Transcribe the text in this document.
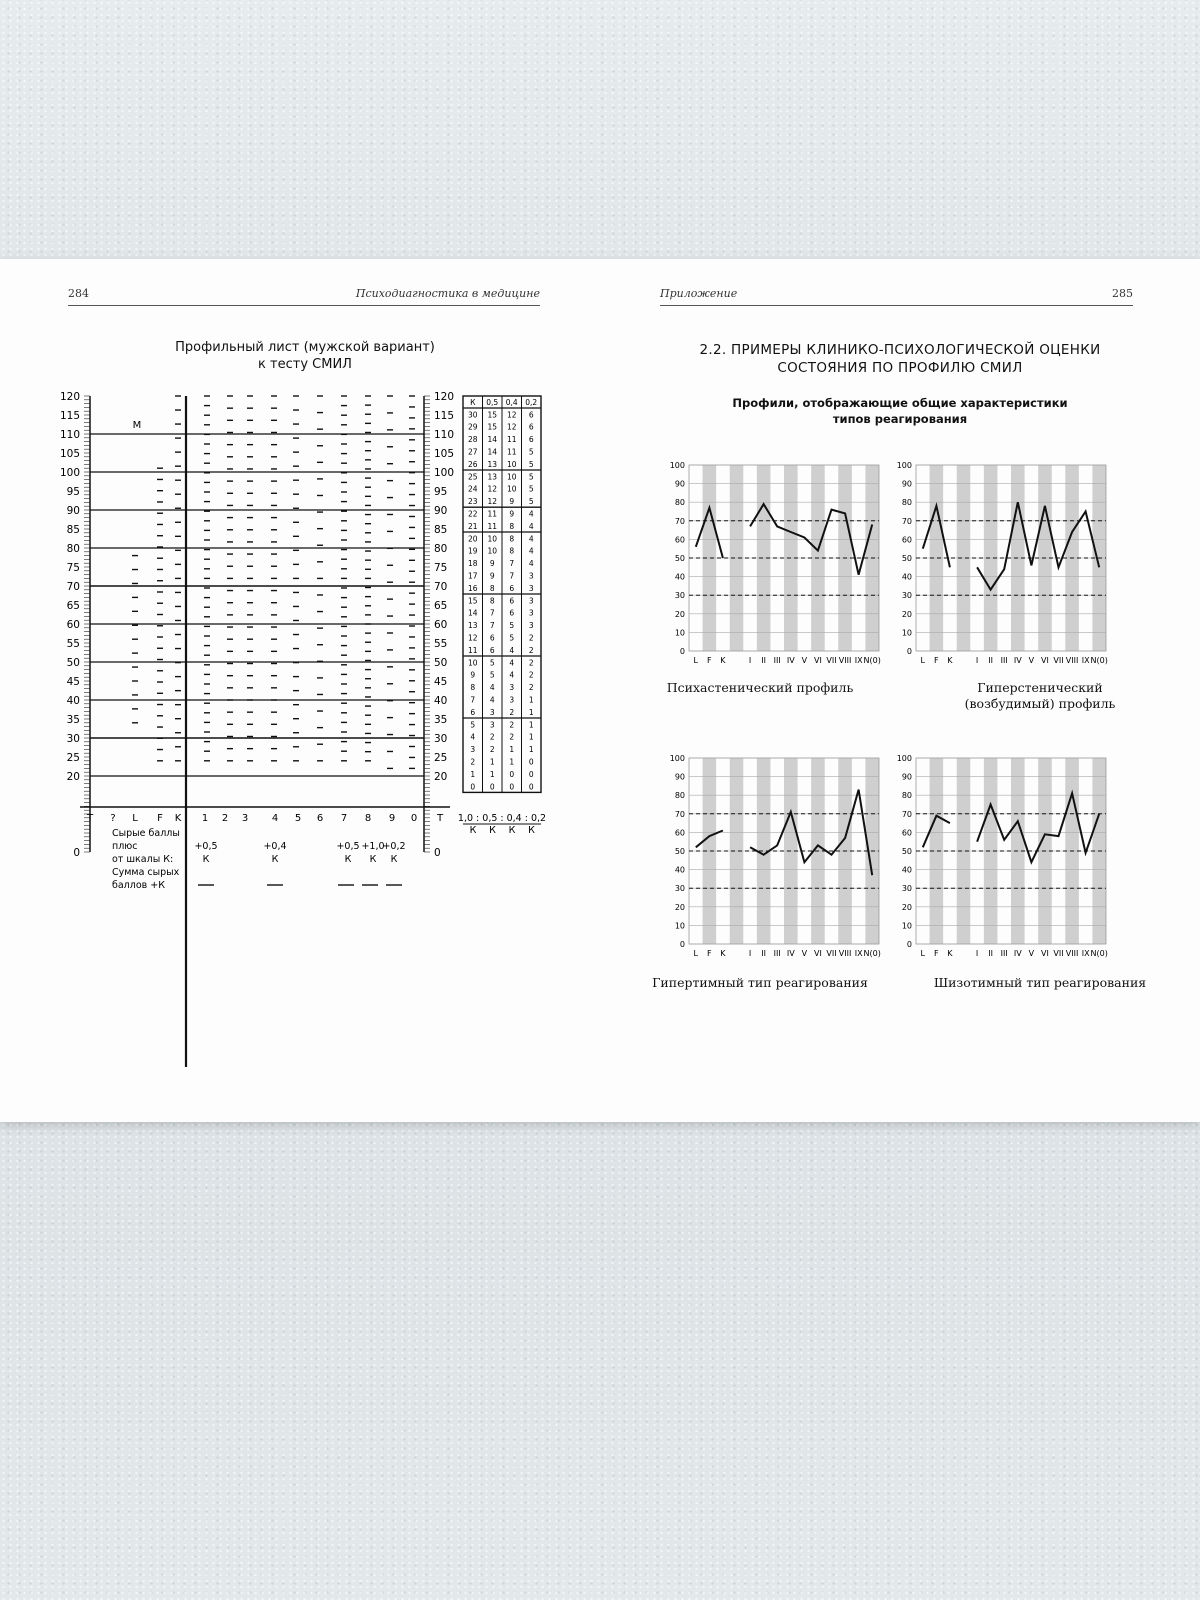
284	Психодиагностика в медицине
Профильный лист (мужской вариант)
к тесту СМИЛ
120	120
115	115
110	110
105	105
100	100
95	95
90	90
85	85
80	80
75	75
70	70
65	65
60	60
55	55
50	50
45	45
40	40
35	35
30	30
25	25
20	20
0	0
М
Т ? L F K 1 2 3 4 5 6 7 8 9 0 Т
Сырые баллы
плюс
от шкалы К:
Сумма сырых
баллов +К
+0,5	+0,4	+0,5 +1,0
+0,2
К	К	К К К
К 0,5 0,4 0,2
30 15 12 6
29 15 12 6
28 14 11 6
27 14 11 5
26 13 10 5
25 13 10 5
24 12 10 5
23 12 9 5
22 11 9 4
21 11 8 4
20 10 8 4
19 10 8 4
18 9 7 4
17 9 7 3
16 8 6 3
15 8 6 3
14 7 6 3
13 7 5 3
12 6 5 2
11 6 4 2
10 5 4 2
9 5 4 2
8 4 3 2
7 4 3 1
6 3 2 1
5 3 2 1
4 2 2 1
3 2 1 1
2 1 1 0
1 1 0 0
0 0 0 0
1,0 : 0,5 : 0,4 : 0,2
К К К К
Приложение	285
2.2. ПРИМЕРЫ КЛИНИКО-ПСИХОЛОГИЧЕСКОЙ ОЦЕНКИ
СОСТОЯНИЯ ПО ПРОФИЛЮ СМИЛ
Профили, отображающие общие характеристики
типов реагирования
0
10
20
30
40
50
60
70
80
90
100
L F K	I II III IV V VI VII VIII IX N(0)
0
10
20
30
40
50
60
70
80
90
100
L F K	I II III IV V VI VII VIII IX N(0)
0
10
20
30
40
50
60
70
80
90
100
L F K	I II III IV V VI VII VIII IX N(0)
0
10
20
30
40
50
60
70
80
90
100
L F K	I II III IV V VI VII VIII IX N(0)
Психастенический профиль	Гиперстенический
(возбудимый) профиль
Гипертимный тип реагирования	Шизотимный тип реагирования
